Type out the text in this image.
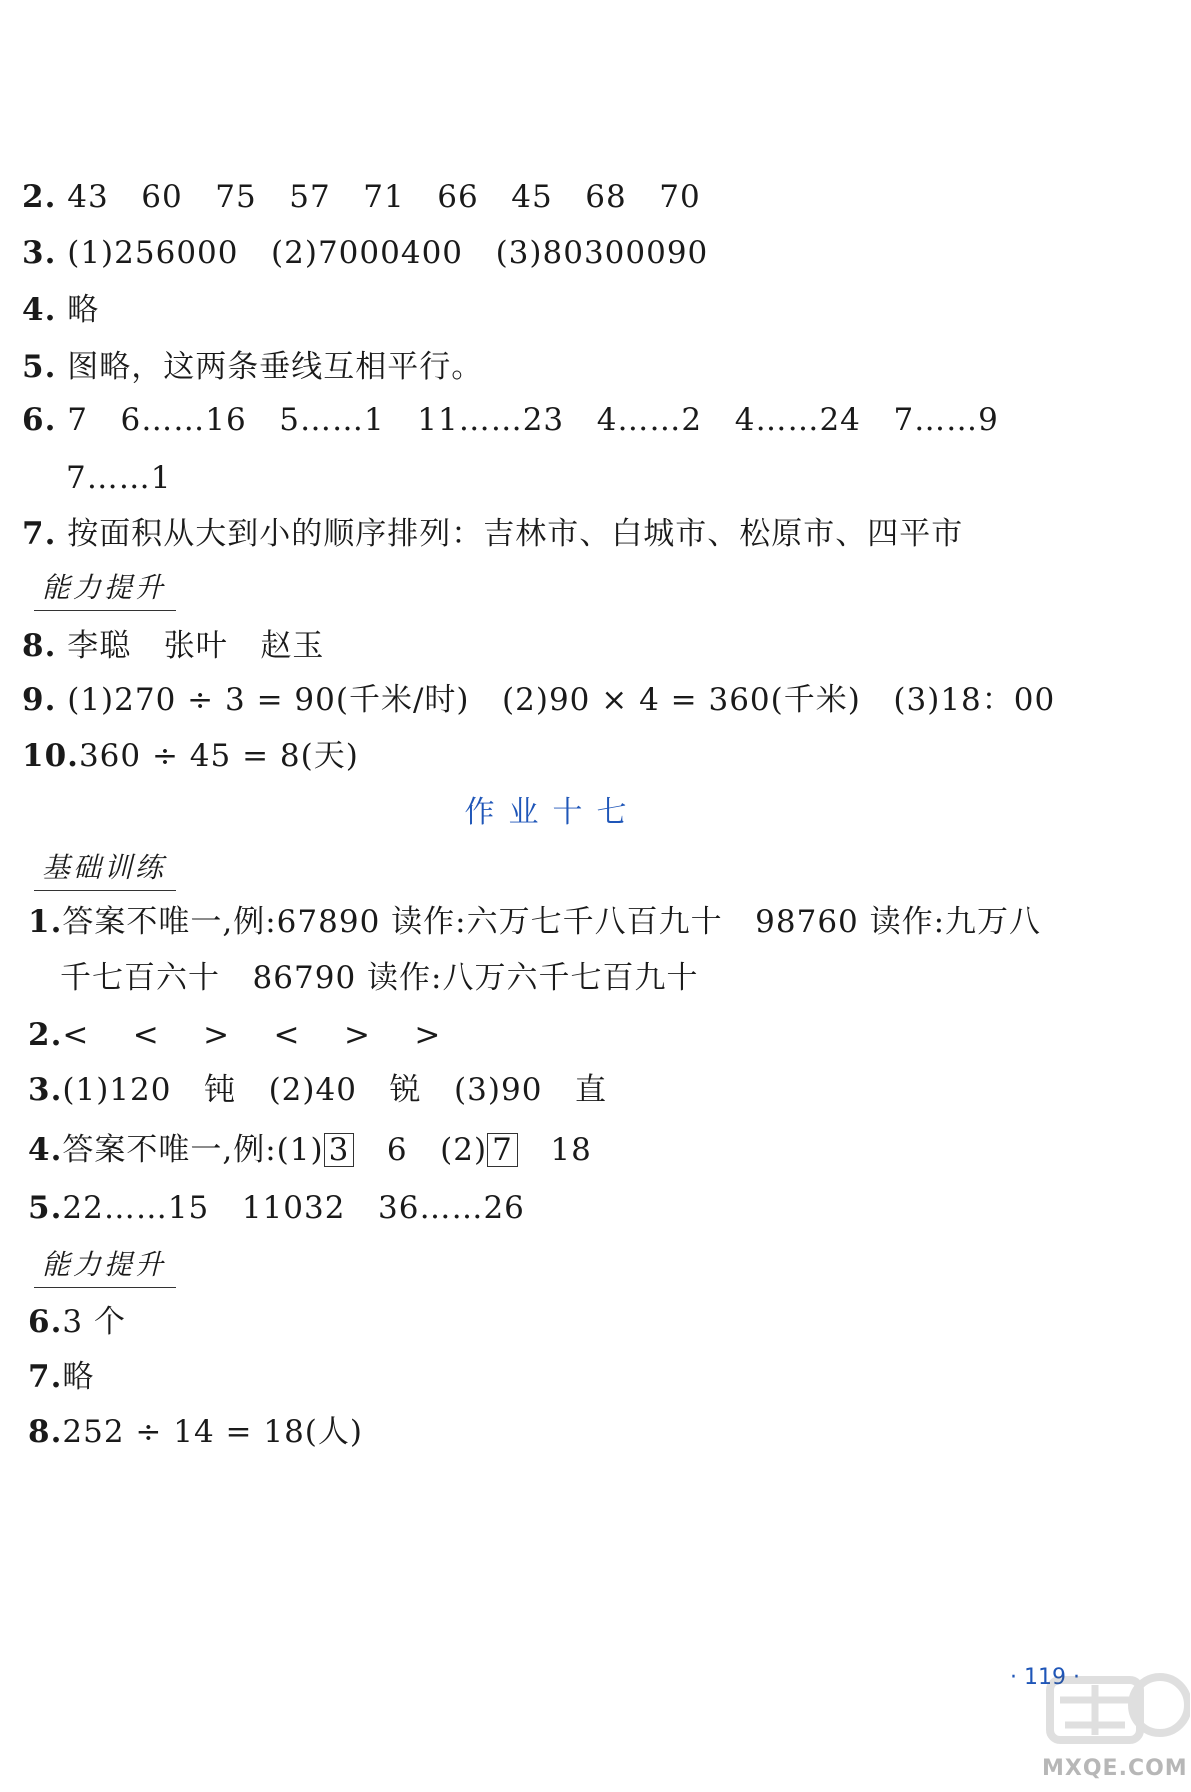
2. 43   60   75   57   71   66   45   68   70
3. (1)256000   (2)7000400   (3)80300090
4. 略
5. 图略，这两条垂线互相平行。
6. 7   6……16   5……1   11……23   4……2   4……24   7……9
7……1
7. 按面积从大到小的顺序排列：吉林市、白城市、松原市、四平市
能力提升
8. 李聪   张叶   赵玉
9. (1)270 ÷ 3 = 90(千米/时)   (2)90 × 4 = 360(千米)   (3)18：00
10.360 ÷ 45 = 8(天)
作业十七
基础训练
1.答案不唯一,例:67890 读作:六万七千八百九十   98760 读作:九万八
千七百六十   86790 读作:八万六千七百九十
2.<    <    >    <    >    >
3.(1)120   钝   (2)40   锐   (3)90   直
4.答案不唯一,例:(1) 3   6   (2) 7   18
5.22……15   11032   36……26
能力提升
6.3 个
7.略
8.252 ÷ 14 = 18(人)
· 119 ·
MXQE.COM
